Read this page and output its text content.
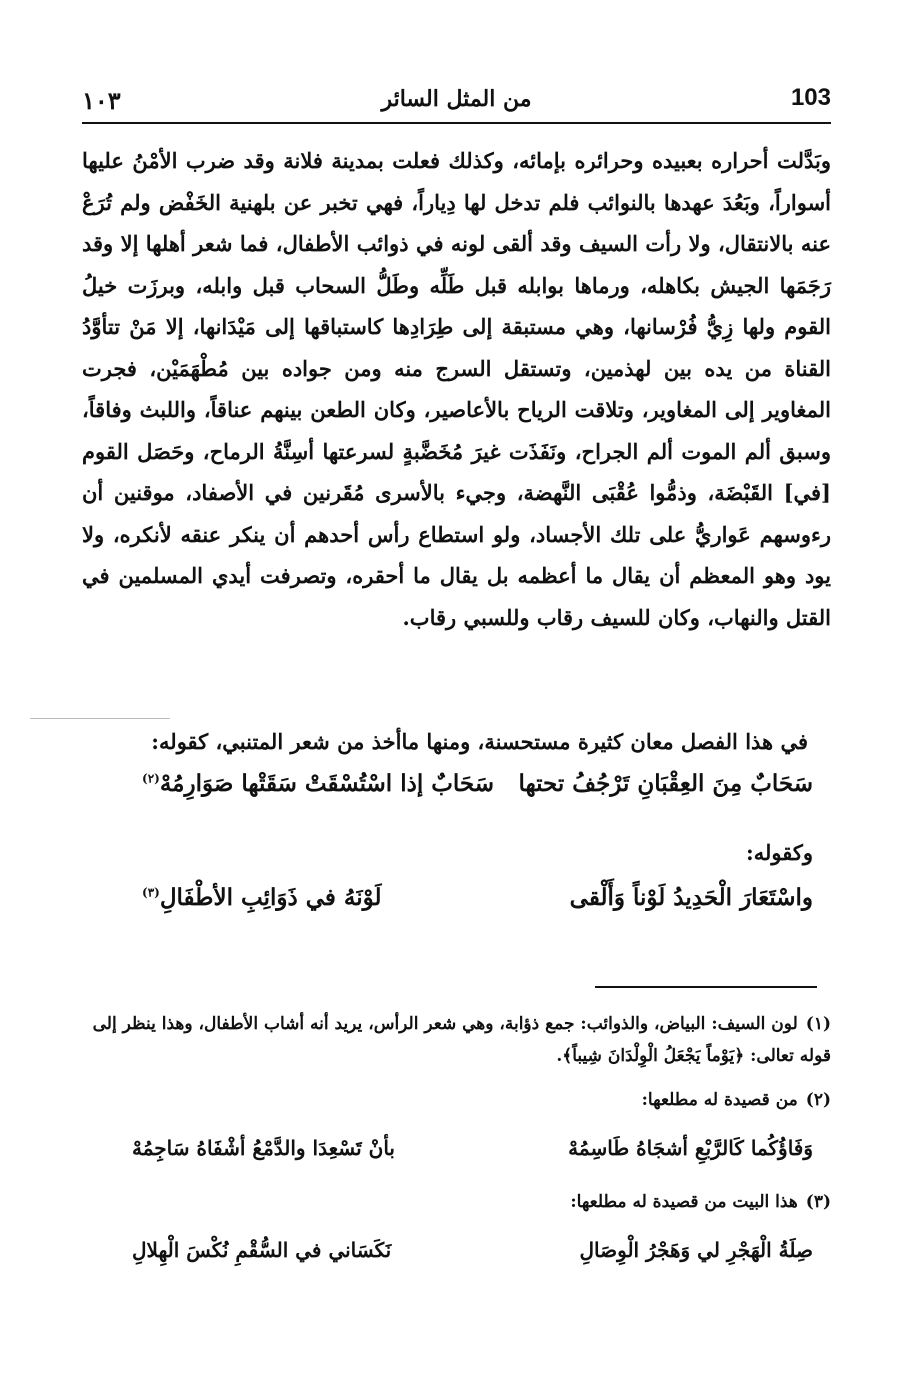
١٠٣	من المثل السائر	103

وبَدَّلت أحراره بعبيده وحرائره بإمائه، وكذلك فعلت بمدينة فلانة وقد ضرب الأمْنُ عليها أسواراً، وبَعُدَ عهدها بالنوائب فلم تدخل لها دِياراً، فهي تخبر عن بلهنية الخَفْض ولم تُرَعْ عنه بالانتقال، ولا رأت السيف وقد ألقى لونه في ذوائب الأطفال، فما شعر أهلها إلا وقد رَجَمَها الجيش بكاهله، ورماها بوابله قبل طَلِّه وطَلُّ السحاب قبل وابله، وبرزَت خيلُ القوم ولها زِيُّ فُرْسانها، وهي مستبقة إلى طِرَادِها كاستباقها إلى مَيْدَانها، إلا مَنْ تتأوَّدُ القناة من يده بين لهذمين، وتستقل السرج منه ومن جواده بين مُطْهَمَيْن، فجرت المغاوير إلى المغاوير، وتلاقت الرياح بالأعاصير، وكان الطعن بينهم عناقاً، واللبث وفاقاً، وسبق ألم الموت ألم الجراح، ونَفَذَت غيرَ مُخَضَّبةٍ لسرعتها أسِنَّةُ الرماح، وحَصَل القوم [في] القَبْضَة، وذمُّوا عُقْبَى النَّهضة، وجيء بالأسرى مُقَرنين في الأصفاد، موقنين أن رءوسهم عَواريُّ على تلك الأجساد، ولو استطاع رأس أحدهم أن ينكر عنقه لأنكره، ولا يود وهو المعظم أن يقال ما أعظمه بل يقال ما أحقره، وتصرفت أيدي المسلمين في القتل والنهاب، وكان للسيف رقاب وللسبي رقاب.

في هذا الفصل معان كثيرة مستحسنة، ومنها ماأخذ من شعر المتنبي، كقوله:
سَحَابٌ مِنَ العِقْبَانِ تَرْجُفُ تحتها
سَحَابٌ إذا اسْتُسْقَتْ سَقَتْها صَوَارِمُهْ$^{(٢)}$
وكقوله:
واسْتَعَارَ الْحَدِيدُ لَوْناً وَأَلْقى
لَوْنَهُ في ذَوَائِبِ الأطْفَالِ$^{(٣)}$
(١)لون السيف: البياض، والذوائب: جمع ذؤابة، وهي شعر الرأس، يريد أنه أشاب الأطفال، وهذا ينظر إلى قوله تعالى: ﴿يَوْماً يَجْعَلُ الْوِلْدَانَ شِيباً﴾.
(٢)من قصيدة له مطلعها:
وَفَاؤُكُما كَالرَّبْعِ أشجَاهُ طَاسِمُهْ
بأنْ تَسْعِدَا والدَّمْعُ أشْفَاهُ سَاجِمُهْ
(٣)هذا البيت من قصيدة له مطلعها:
صِلَةُ الْهَجْرِ لي وَهَجْرُ الْوِصَالِ
نَكَسَاني في السُّقْمِ نُكْسَ الْهِلالِ
